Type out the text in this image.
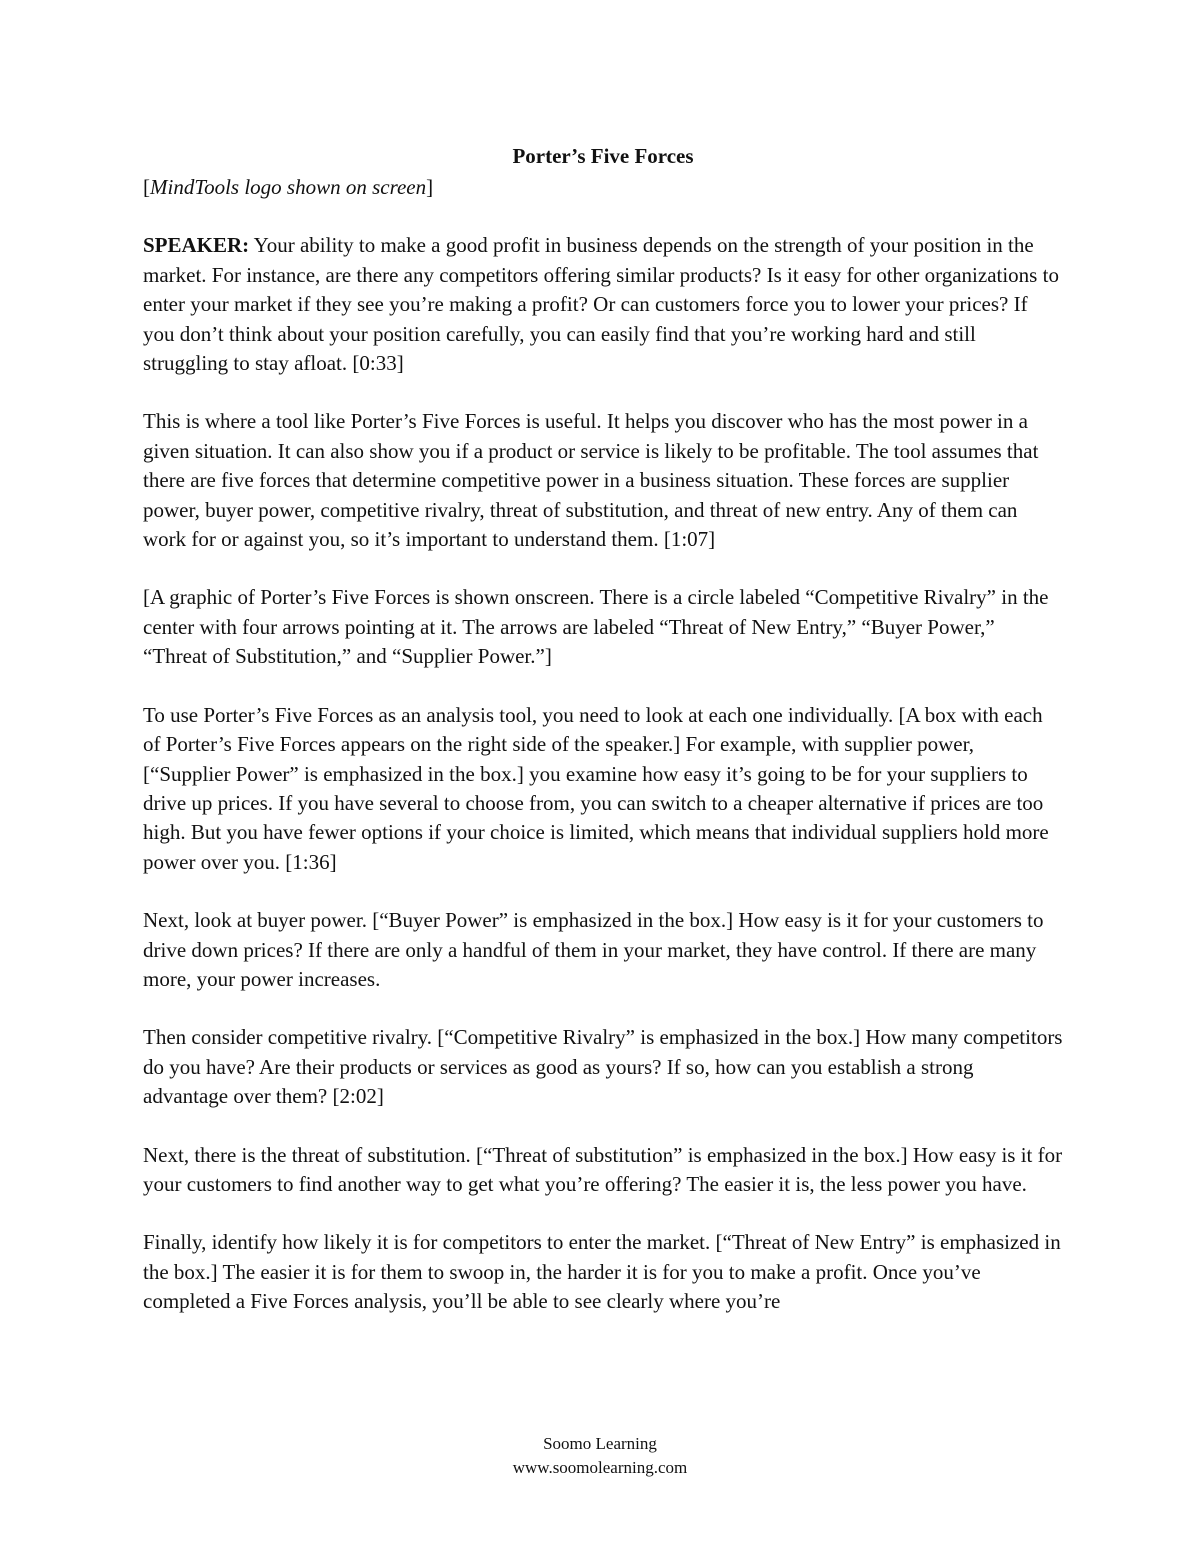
Porter’s Five Forces

[MindTools logo shown on screen]

SPEAKER: Your ability to make a good profit in business depends on the strength of your position in the market. For instance, are there any competitors offering similar products? Is it easy for other organizations to enter your market if they see you’re making a profit? Or can customers force you to lower your prices? If you don’t think about your position carefully, you can easily find that you’re working hard and still struggling to stay afloat. [0:33]

This is where a tool like Porter’s Five Forces is useful. It helps you discover who has the most power in a given situation. It can also show you if a product or service is likely to be profitable. The tool assumes that there are five forces that determine competitive power in a business situation. These forces are supplier power, buyer power, competitive rivalry, threat of substitution, and threat of new entry. Any of them can work for or against you, so it’s important to understand them. [1:07]

[A graphic of Porter’s Five Forces is shown onscreen. There is a circle labeled “Competitive Rivalry” in the center with four arrows pointing at it. The arrows are labeled “Threat of New Entry,” “Buyer Power,” “Threat of Substitution,” and “Supplier Power.”]

To use Porter’s Five Forces as an analysis tool, you need to look at each one individually. [A box with each of Porter’s Five Forces appears on the right side of the speaker.] For example, with supplier power, [“Supplier Power” is emphasized in the box.] you examine how easy it’s going to be for your suppliers to drive up prices. If you have several to choose from, you can switch to a cheaper alternative if prices are too high. But you have fewer options if your choice is limited, which means that individual suppliers hold more power over you. [1:36]

Next, look at buyer power. [“Buyer Power” is emphasized in the box.] How easy is it for your customers to drive down prices? If there are only a handful of them in your market, they have control. If there are many more, your power increases.

Then consider competitive rivalry. [“Competitive Rivalry” is emphasized in the box.] How many competitors do you have? Are their products or services as good as yours? If so, how can you establish a strong advantage over them? [2:02]

Next, there is the threat of substitution. [“Threat of substitution” is emphasized in the box.] How easy is it for your customers to find another way to get what you’re offering? The easier it is, the less power you have.

Finally, identify how likely it is for competitors to enter the market. [“Threat of New Entry” is emphasized in the box.] The easier it is for them to swoop in, the harder it is for you to make a profit. Once you’ve completed a Five Forces analysis, you’ll be able to see clearly where you’re

Soomo Learning
www.soomolearning.com
